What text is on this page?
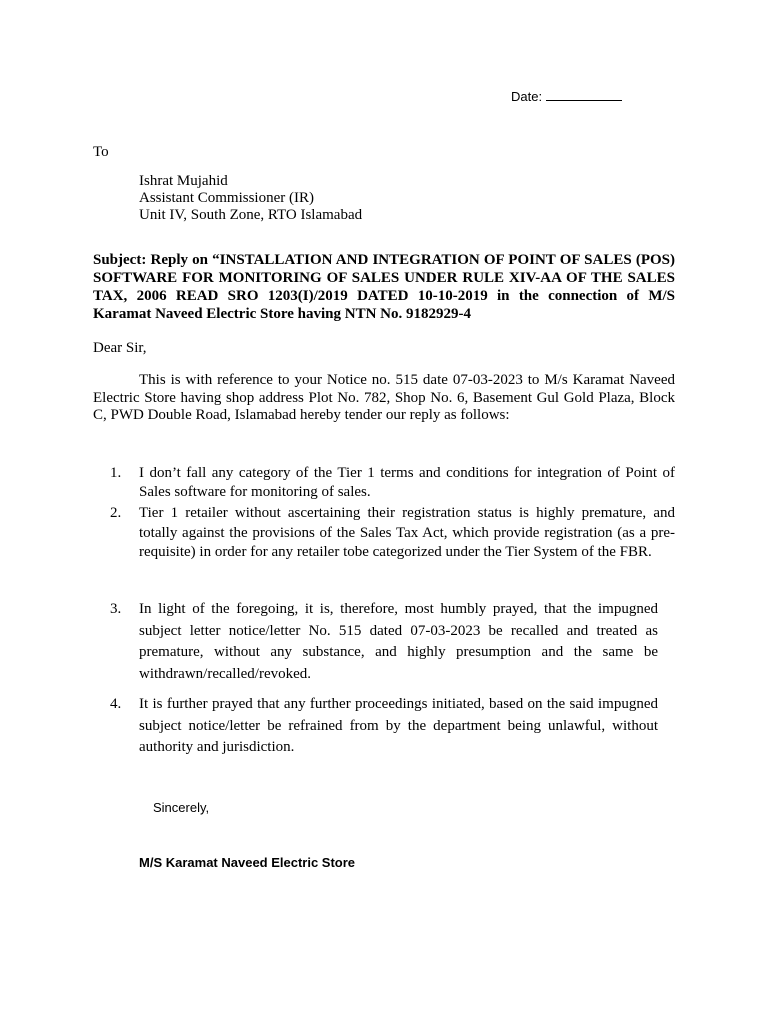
Date:
To
Ishrat Mujahid
Assistant Commissioner (IR)
Unit IV, South Zone, RTO Islamabad
Subject: Reply on “INSTALLATION AND INTEGRATION OF POINT OF SALES (POS) SOFTWARE FOR MONITORING OF SALES UNDER RULE XIV-AA OF THE SALES TAX, 2006 READ SRO 1203(I)/2019 DATED 10-10-2019 in the connection of M/S Karamat Naveed Electric Store having NTN No. 9182929-4
Dear Sir,
This is with reference to your Notice no. 515 date 07-03-2023 to M/s Karamat Naveed Electric Store having shop address Plot No. 782, Shop No. 6, Basement Gul Gold Plaza, Block C, PWD Double Road, Islamabad hereby tender our reply as follows:
1.	I don’t fall any category of the Tier 1 terms and conditions for integration of Point of Sales software for monitoring of sales.
2.	Tier 1 retailer without ascertaining their registration status is highly premature, and totally against the provisions of the Sales Tax Act, which provide registration (as a pre-requisite) in order for any retailer tobe categorized under the Tier System of the FBR.
3.	In light of the foregoing, it is, therefore, most humbly prayed, that the impugned subject letter notice/letter No. 515 dated 07-03-2023 be recalled and treated as premature, without any substance, and highly presumption and the same be withdrawn/recalled/revoked.
4.	It is further prayed that any further proceedings initiated, based on the said impugned subject notice/letter be refrained from by the department being unlawful, without authority and jurisdiction.
Sincerely,
M/S Karamat Naveed Electric Store
